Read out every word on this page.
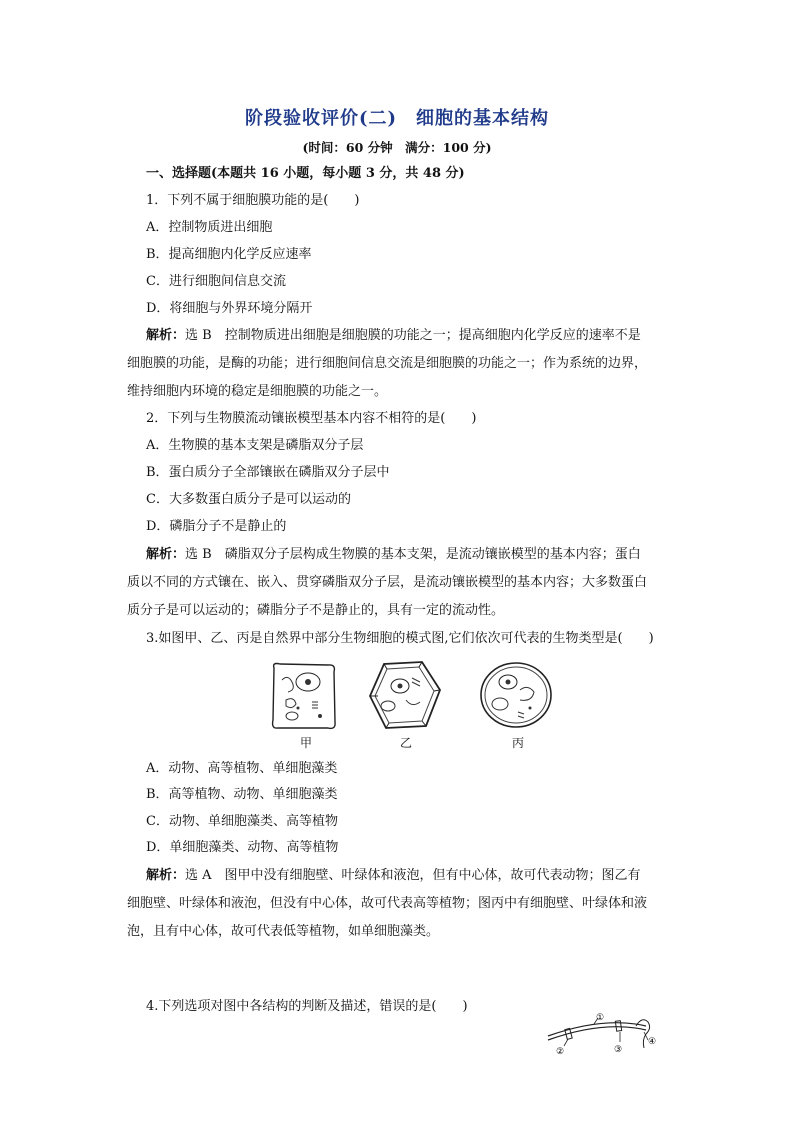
阶段验收评价(二)　细胞的基本结构
(时间：60 分钟　满分：100 分)
一、选择题(本题共 16 小题，每小题 3 分，共 48 分)
1．下列不属于细胞膜功能的是(　　)
A．控制物质进出细胞
B．提高细胞内化学反应速率
C．进行细胞间信息交流
D．将细胞与外界环境分隔开
解析：选 B　控制物质进出细胞是细胞膜的功能之一；提高细胞内化学反应的速率不是
细胞膜的功能，是酶的功能；进行细胞间信息交流是细胞膜的功能之一；作为系统的边界，
维持细胞内环境的稳定是细胞膜的功能之一。
2．下列与生物膜流动镶嵌模型基本内容不相符的是(　　)
A．生物膜的基本支架是磷脂双分子层
B．蛋白质分子全部镶嵌在磷脂双分子层中
C．大多数蛋白质分子是可以运动的
D．磷脂分子不是静止的
解析：选 B　磷脂双分子层构成生物膜的基本支架，是流动镶嵌模型的基本内容；蛋白
质以不同的方式镶在、嵌入、贯穿磷脂双分子层，是流动镶嵌模型的基本内容；大多数蛋白
质分子是可以运动的；磷脂分子不是静止的，具有一定的流动性。
3.如图甲、乙、丙是自然界中部分生物细胞的模式图,它们依次可代表的生物类型是(　　)
甲	乙	丙
A．动物、高等植物、单细胞藻类
B．高等植物、动物、单细胞藻类
C．动物、单细胞藻类、高等植物
D．单细胞藻类、动物、高等植物
解析：选 A　图甲中没有细胞壁、叶绿体和液泡，但有中心体，故可代表动物；图乙有
细胞壁、叶绿体和液泡，但没有中心体，故可代表高等植物；图丙中有细胞壁、叶绿体和液
泡，且有中心体，故可代表低等植物，如单细胞藻类。
4.下列选项对图中各结构的判断及描述，错误的是(　　)
①
②	③
④
